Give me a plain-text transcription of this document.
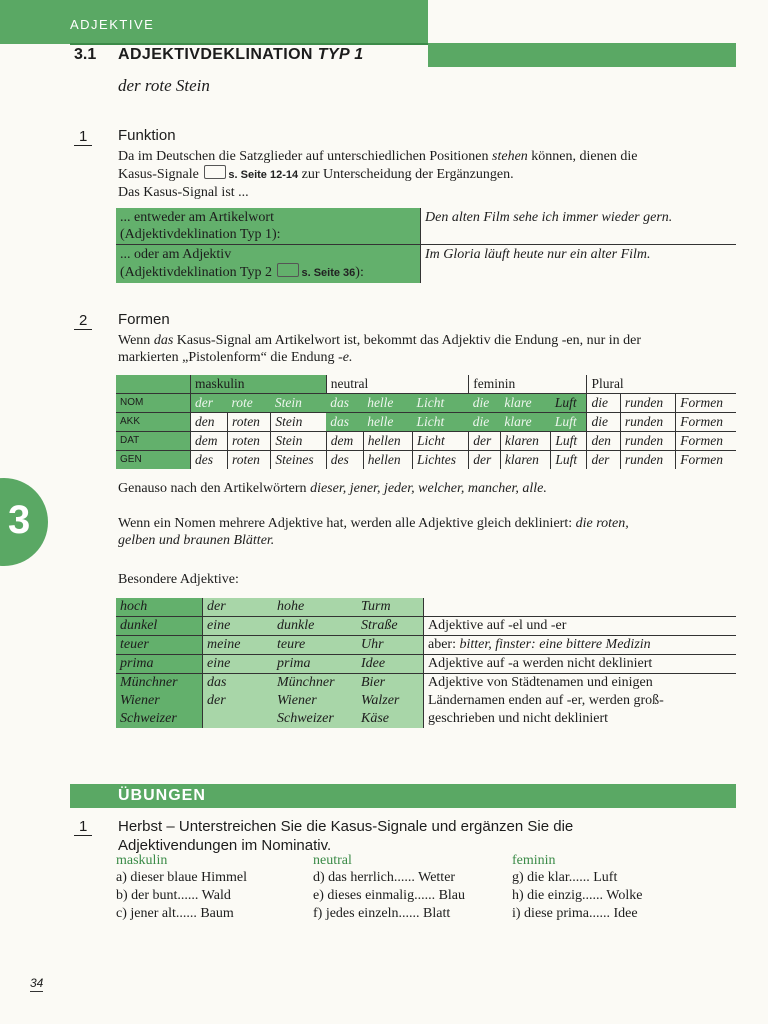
ADJEKTIVE
3.1 ADJEKTIVDEKLINATION TYP 1
der rote Stein
3
1	Funktion
Da im Deutschen die Satzglieder auf unterschiedlichen Positionen stehen können, dienen die
Kasus-Signale	s. Seite 12-14 zur Unterscheidung der Ergänzungen.
Das Kasus-Signal ist ...
... entweder am Artikelwort
(Adjektivdeklination Typ 1):	Den alten Film sehe ich immer wieder gern.

... oder am Adjektiv
(Adjektivdeklination Typ 2 s. Seite 36):	Im Gloria läuft heute nur ein alter Film.
2	Formen
Wenn das Kasus-Signal am Artikelwort ist, bekommt das Adjektiv die Endung -en, nur in der
markierten „Pistolenform“ die Endung -e.
	maskulin			neutral			feminin			Plural		
NOM	der	rote	Stein	das	helle	Licht	die	klare	Luft	die	runden	Formen
AKK	den	roten	Stein	das	helle	Licht	die	klare	Luft	die	runden	Formen
DAT	dem	roten	Stein	dem	hellen	Licht	der	klaren	Luft	den	runden	Formen
GEN	des	roten	Steines	des	hellen	Lichtes	der	klaren	Luft	der	runden	Formen
Genauso nach den Artikelwörtern dieser, jener, jeder, welcher, mancher, alle.
Wenn ein Nomen mehrere Adjektive hat, werden alle Adjektive gleich dekliniert: die roten,
gelben und braunen Blätter.
Besondere Adjektive:
hoch	der	hohe	Turm	
dunkel	eine	dunkle	Straße	Adjektive auf -el und -er
teuer	meine	teure	Uhr	aber: bitter, finster: eine bittere Medizin
prima	eine	prima	Idee	Adjektive auf -a werden nicht dekliniert
Münchner	das	Münchner	Bier	Adjektive von Städtenamen und einigen
Wiener	der	Wiener	Walzer	Ländernamen enden auf -er, werden groß-
Schweizer		Schweizer	Käse	geschrieben und nicht dekliniert
ÜBUNGEN
1	Herbst – Unterstreichen Sie die Kasus-Signale und ergänzen Sie die
Adjektivendungen im Nominativ.
maskulin
a) dieser blaue Himmel
b) der bunt...... Wald
c) jener alt...... Baum
neutral
d) das herrlich...... Wetter
e) dieses einmalig...... Blau
f) jedes einzeln...... Blatt
feminin
g) die klar...... Luft
h) die einzig...... Wolke
i) diese prima...... Idee
34
